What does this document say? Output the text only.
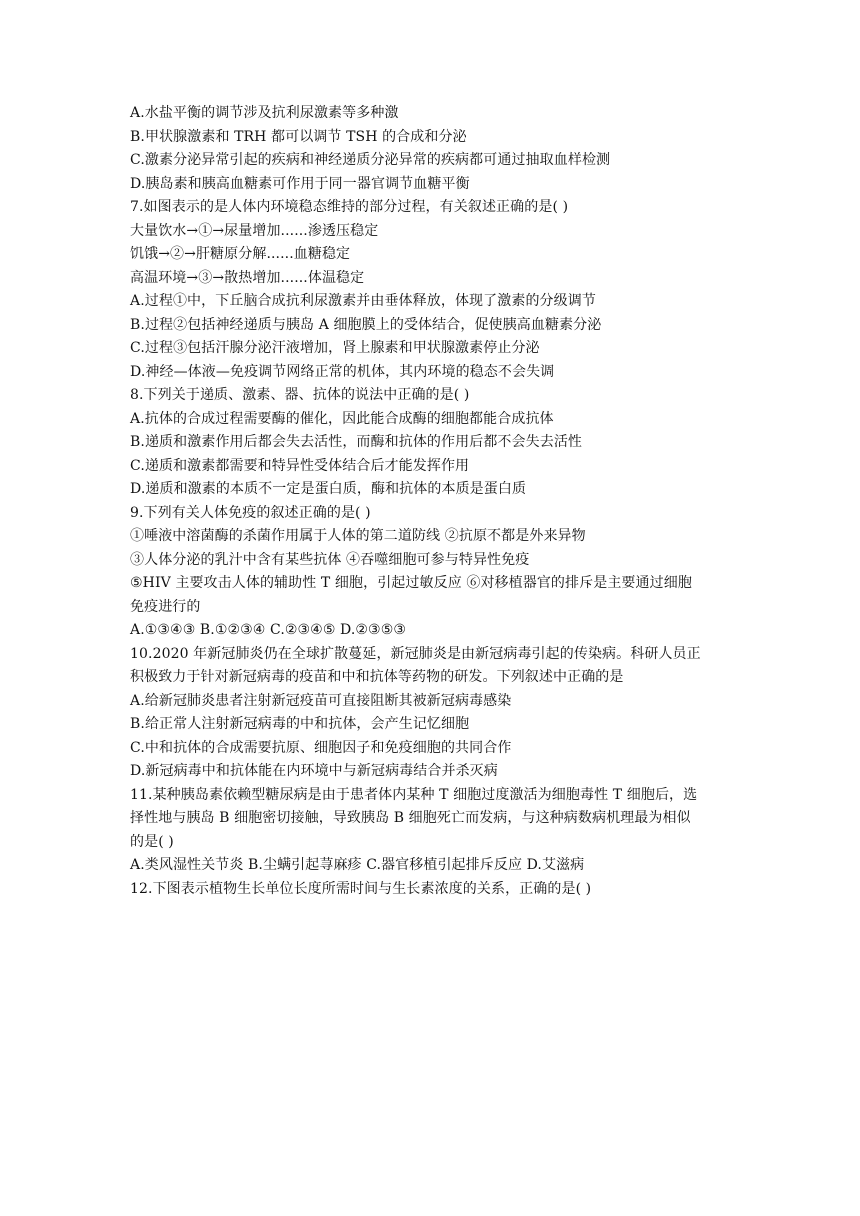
A.水盐平衡的调节涉及抗利尿激素等多种激
B.甲状腺激素和 TRH 都可以调节 TSH 的合成和分泌
C.激素分泌异常引起的疾病和神经递质分泌异常的疾病都可通过抽取血样检测
D.胰岛素和胰高血糖素可作用于同一器官调节血糖平衡
7.如图表示的是人体内环境稳态维持的部分过程，有关叙述正确的是( )
大量饮水→①→尿量增加......渗透压稳定
饥饿→②→肝糖原分解......血糖稳定
高温环境→③→散热增加......体温稳定
A.过程①中，下丘脑合成抗利尿激素并由垂体释放，体现了激素的分级调节
B.过程②包括神经递质与胰岛 A 细胞膜上的受体结合，促使胰高血糖素分泌
C.过程③包括汗腺分泌汗液增加，肾上腺素和甲状腺激素停止分泌
D.神经—体液—免疫调节网络正常的机体，其内环境的稳态不会失调
8.下列关于递质、激素、器、抗体的说法中正确的是( )
A.抗体的合成过程需要酶的催化，因此能合成酶的细胞都能合成抗体
B.递质和激素作用后都会失去活性，而酶和抗体的作用后都不会失去活性
C.递质和激素都需要和特异性受体结合后才能发挥作用
D.递质和激素的本质不一定是蛋白质，酶和抗体的本质是蛋白质
9.下列有关人体免疫的叙述正确的是( )
①唾液中溶菌酶的杀菌作用属于人体的第二道防线 ②抗原不都是外来异物
③人体分泌的乳汁中含有某些抗体 ④吞噬细胞可参与特异性免疫
⑤HIV 主要攻击人体的辅助性 T 细胞，引起过敏反应 ⑥对移植器官的排斥是主要通过细胞
免疫进行的
A.①③④③ B.①②③④ C.②③④⑤ D.②③⑤③
10.2020 年新冠肺炎仍在全球扩散蔓延，新冠肺炎是由新冠病毒引起的传染病。科研人员正
积极致力于针对新冠病毒的疫苗和中和抗体等药物的研发。下列叙述中正确的是
A.给新冠肺炎患者注射新冠疫苗可直接阻断其被新冠病毒感染
B.给正常人注射新冠病毒的中和抗体，会产生记忆细胞
C.中和抗体的合成需要抗原、细胞因子和免疫细胞的共同合作
D.新冠病毒中和抗体能在内环境中与新冠病毒结合并杀灭病
11.某种胰岛素依赖型糖尿病是由于患者体内某种 T 细胞过度激活为细胞毒性 T 细胞后，选
择性地与胰岛 B 细胞密切接触，导致胰岛 B 细胞死亡而发病，与这种病数病机理最为相似
的是( )
A.类风湿性关节炎 B.尘螨引起荨麻疹 C.器官移植引起排斥反应 D.艾滋病
12.下图表示植物生长单位长度所需时间与生长素浓度的关系，正确的是( )
